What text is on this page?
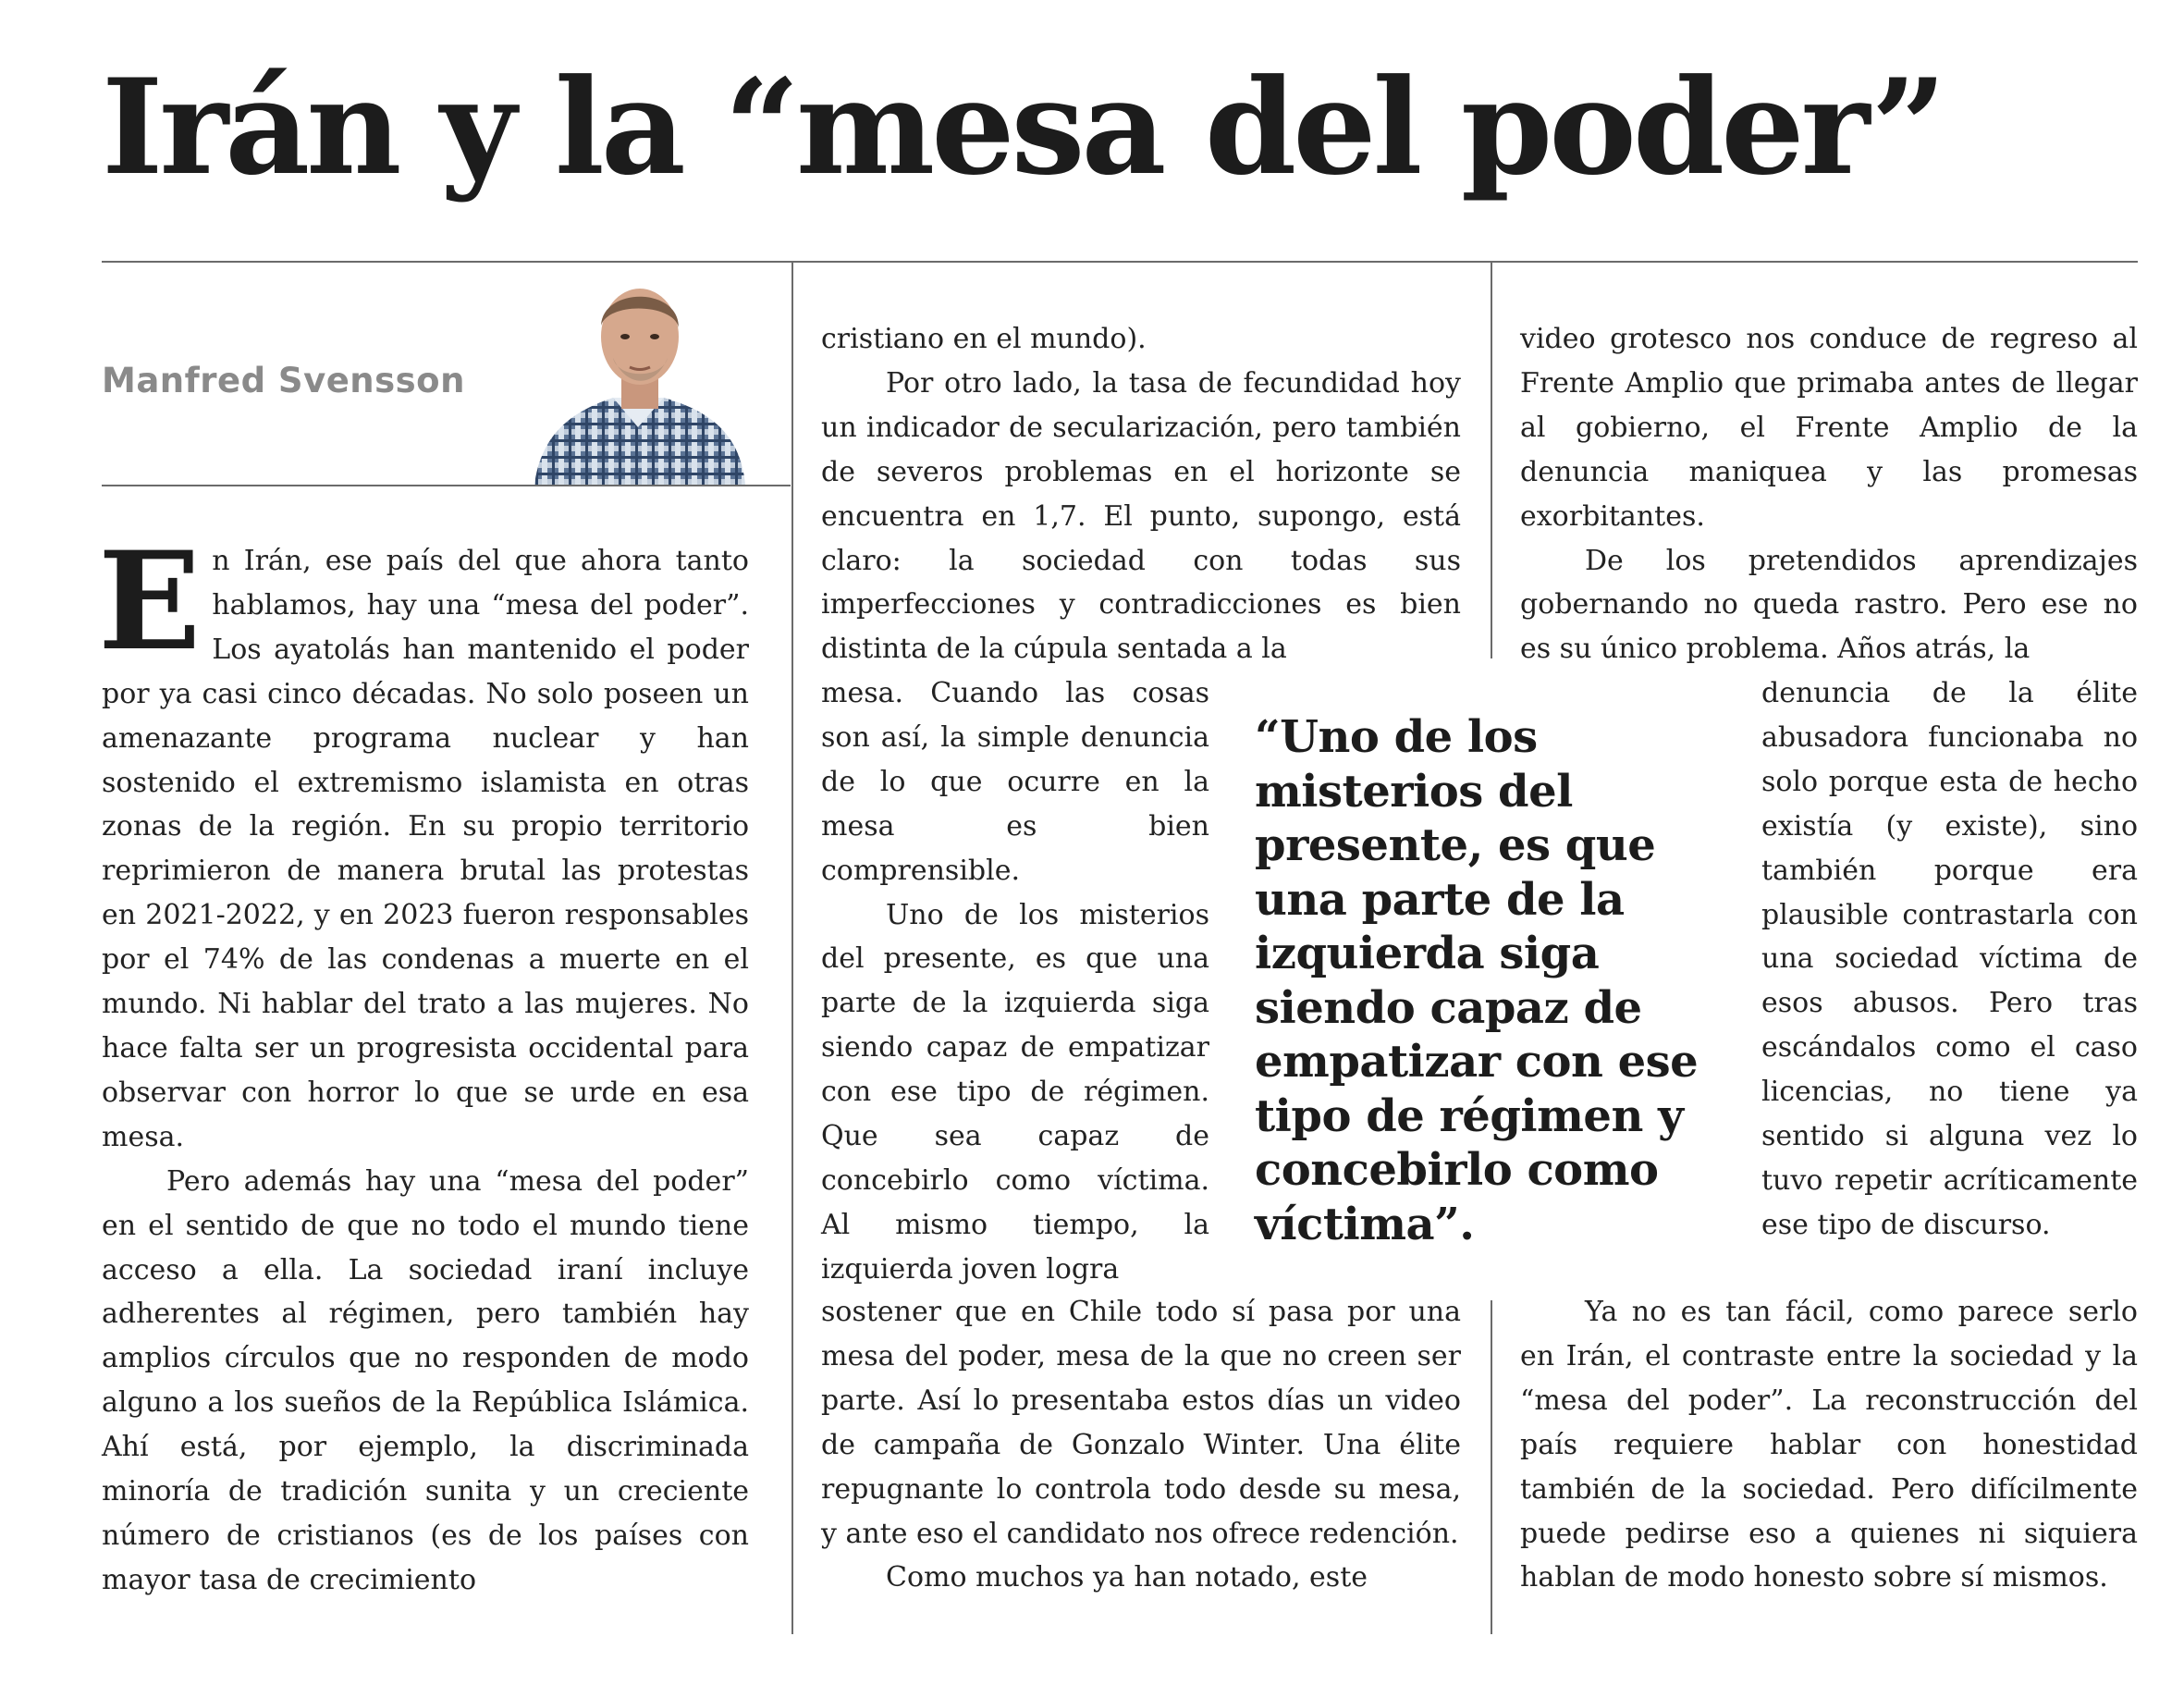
Irán y la “mesa del poder”
Manfred Svensson

En Irán, ese país del que ahora tanto hablamos, hay una “mesa del poder”. Los ayatolás han mantenido el poder por ya casi cinco décadas. No solo poseen un amenazante programa nuclear y han sostenido el extremismo islamista en otras zonas de la región. En su propio territorio reprimieron de manera brutal las protestas en 2021-2022, y en 2023 fueron responsables por el 74% de las condenas a muerte en el mundo. Ni hablar del trato a las mujeres. No hace falta ser un progresista occidental para observar con horror lo que se urde en esa mesa.

Pero además hay una “mesa del poder” en el sentido de que no todo el mundo tiene acceso a ella. La sociedad iraní incluye adherentes al régimen, pero también hay amplios círculos que no responden de modo alguno a los sueños de la República Islámica. Ahí está, por ejemplo, la discriminada minoría de tradición sunita y un creciente número de cristianos (es de los países con mayor tasa de crecimiento

cristiano en el mundo).

Por otro lado, la tasa de fecundidad hoy un indicador de secularización, pero también de severos problemas en el horizonte se encuentra en 1,7. El punto, supongo, está claro: la sociedad con todas sus imperfecciones y contradicciones es bien distinta de la cúpula sentada a la

mesa. Cuando las cosas son así, la simple denuncia de lo que ocurre en la mesa es bien comprensible.

Uno de los misterios del presente, es que una parte de la izquierda siga siendo capaz de empatizar con ese tipo de régimen. Que sea capaz de concebirlo como víctima. Al mismo tiempo, la izquierda joven logra

sostener que en Chile todo sí pasa por una mesa del poder, mesa de la que no creen ser parte. Así lo presentaba estos días un video de campaña de Gonzalo Winter. Una élite repugnante lo controla todo desde su mesa, y ante eso el candidato nos ofrece redención.

Como muchos ya han notado, este

video grotesco nos conduce de regreso al Frente Amplio que primaba antes de llegar al gobierno, el Frente Amplio de la denuncia maniquea y las promesas exorbitantes.

De los pretendidos aprendizajes gobernando no queda rastro. Pero ese no es su único problema. Años atrás, la

denuncia de la élite abusadora funcionaba no solo porque esta de hecho existía (y existe), sino también porque era plausible contrastarla con una sociedad víctima de esos abusos. Pero tras escándalos como el caso licencias, no tiene ya sentido si alguna vez lo tuvo repetir acríticamente ese tipo de discurso.

Ya no es tan fácil, como parece serlo en Irán, el contraste entre la sociedad y la “mesa del poder”. La reconstrucción del país requiere hablar con honestidad también de la sociedad. Pero difícilmente puede pedirse eso a quienes ni siquiera hablan de modo honesto sobre sí mismos.

“Uno de los misterios del presente, es que una parte de la izquierda siga siendo capaz de empatizar con ese tipo de régimen y concebirlo como víctima”.
